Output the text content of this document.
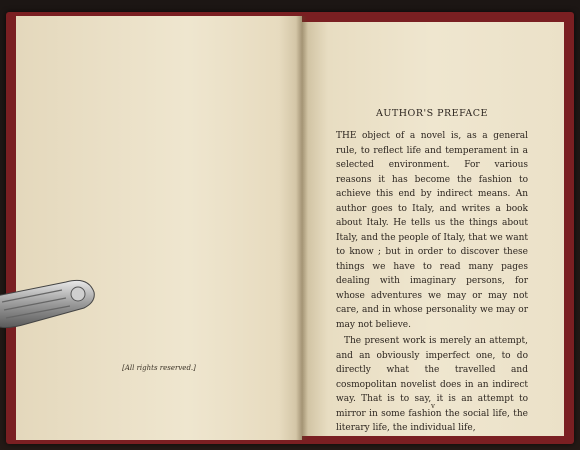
[All rights reserved.]
AUTHOR'S PREFACE

THE object of a novel is, as a general rule, to reflect life and temperament in a selected environment. For various reasons it has become the fashion to achieve this end by indirect means. An author goes to Italy, and writes a book about Italy. He tells us the things about Italy, and the people of Italy, that we want to know ; but in order to discover these things we have to read many pages dealing with imaginary persons, for whose adventures we may or may not care, and in whose personality we may or may not believe.

The present work is merely an attempt, and an obviously imperfect one, to do directly what the travelled and cosmopolitan novelist does in an indirect way. That is to say, it is an attempt to mirror in some fashion the social life, the literary life, the individual life,

v
